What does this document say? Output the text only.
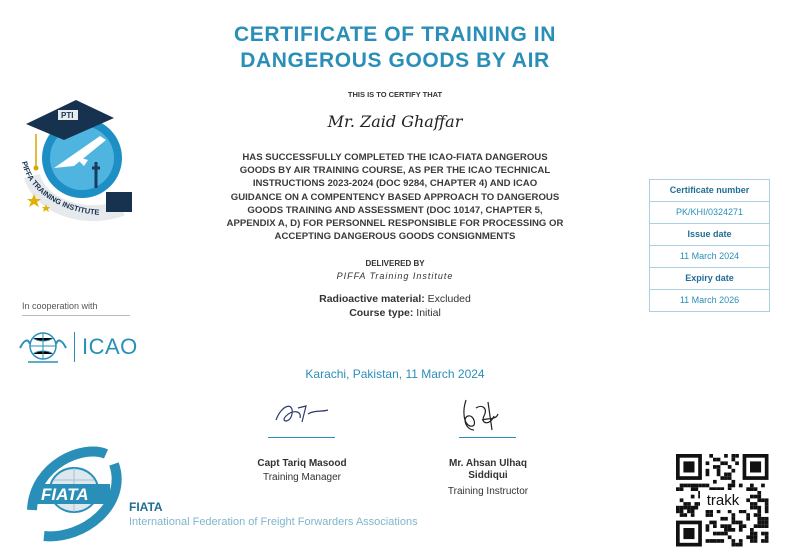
CERTIFICATE OF TRAINING IN
DANGEROUS GOODS BY AIR
THIS IS TO CERTIFY THAT
Mr. Zaid Ghaffar
HAS SUCCESSFULLY COMPLETED THE ICAO-FIATA DANGEROUS
GOODS BY AIR TRAINING COURSE, AS PER THE ICAO TECHNICAL
INSTRUCTIONS 2023-2024 (DOC 9284, CHAPTER 4) AND ICAO
GUIDANCE ON A COMPENTENCY BASED APPROACH TO DANGEROUS
GOODS TRAINING AND ASSESSMENT (DOC 10147, CHAPTER 5,
APPENDIX A, D) FOR PERSONNEL RESPONSIBLE FOR PROCESSING OR
ACCEPTING DANGEROUS GOODS CONSIGNMENTS
DELIVERED BY
PIFFA Training Institute
Radioactive material: Excluded
Course type: Initial
Karachi, Pakistan, 11 March 2024
Capt Tariq Masood
Training Manager
Mr. Ahsan Ulhaq
Siddiqui
Training Instructor
Certificate number
PK/KHI/0324271
Issue date
11 March 2024
Expiry date
11 March 2026
PTI
PIFFA TRAINING INSTITUTE
In cooperation with
ICAO
FIATA
FIATA
International Federation of Freight Forwarders Associations
trakk
